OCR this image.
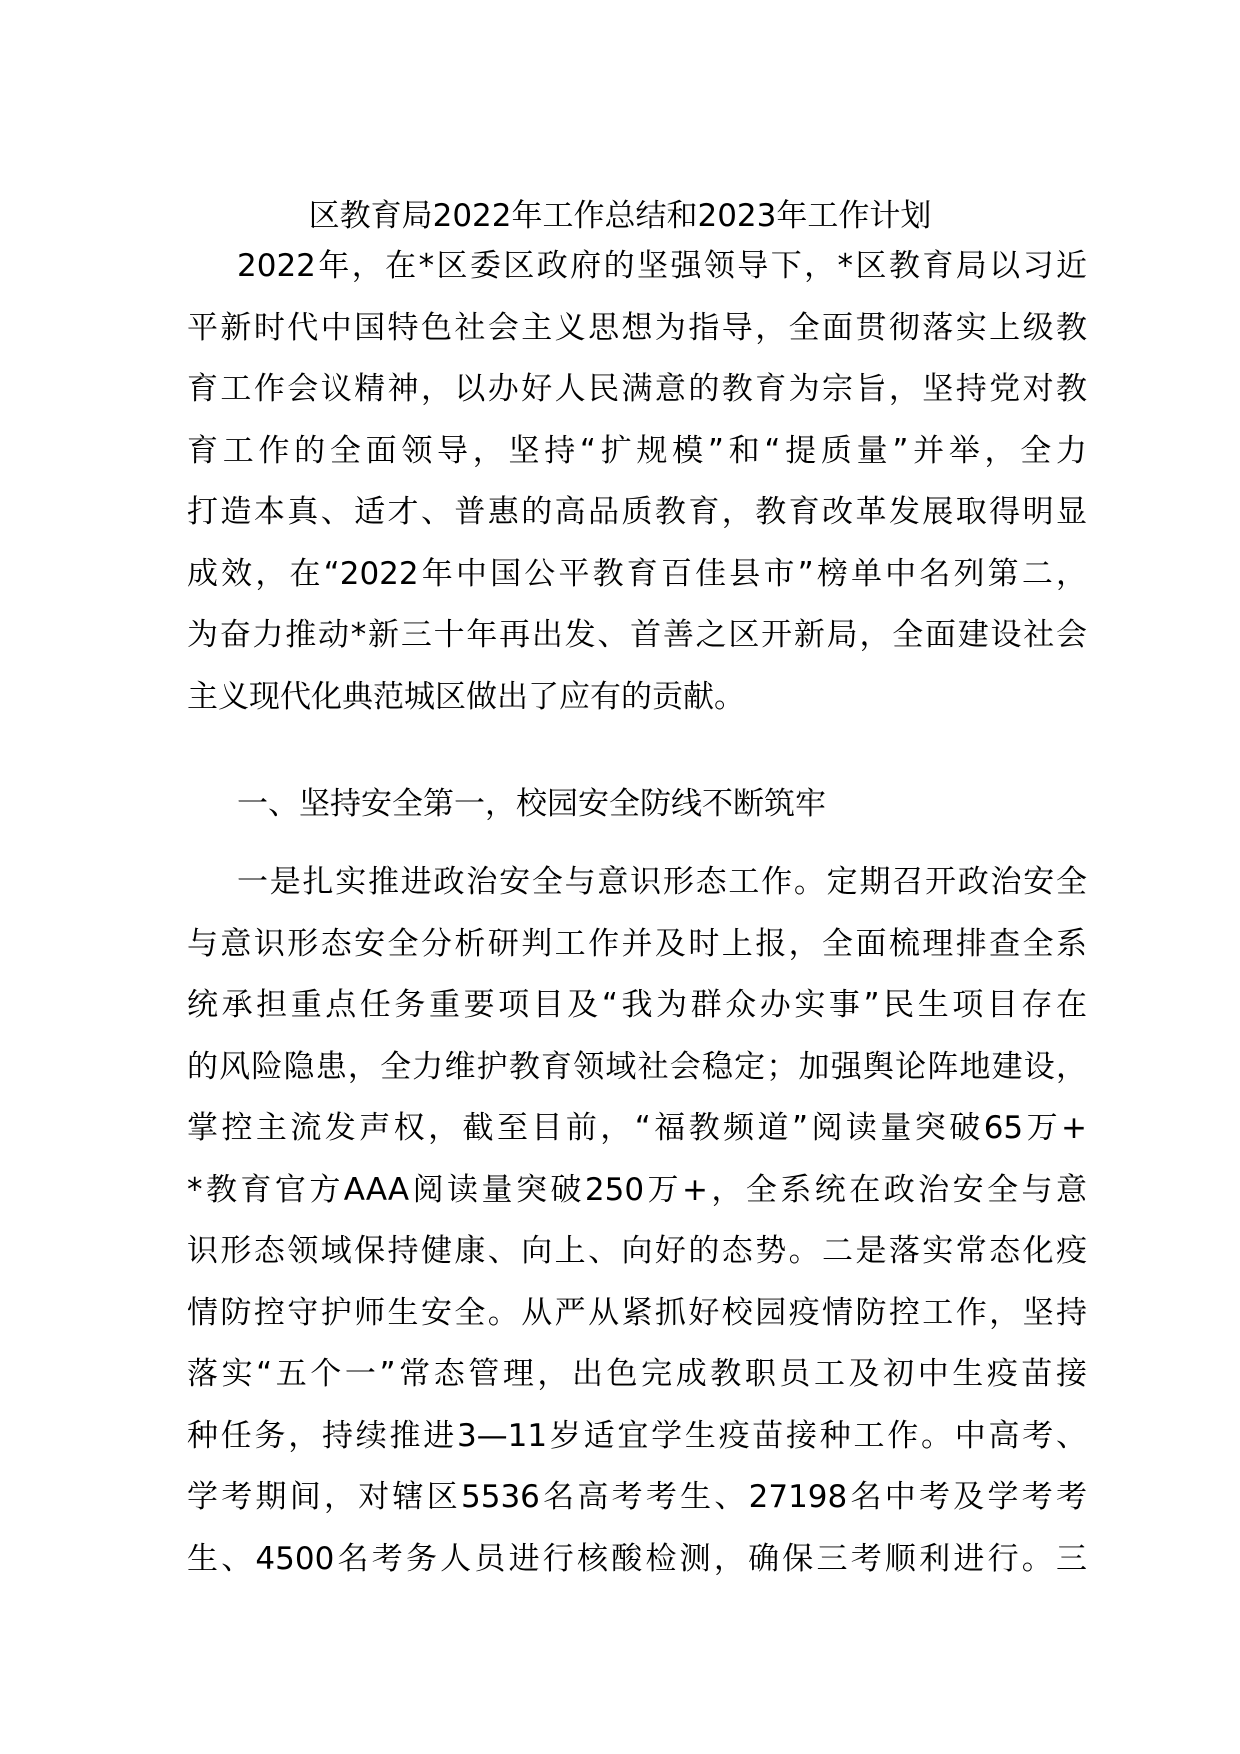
区教育局2022年工作总结和2023年工作计划
2022年，在*区委区政府的坚强领导下，*区教育局以习近
平新时代中国特色社会主义思想为指导，全面贯彻落实上级教
育工作会议精神，以办好人民满意的教育为宗旨，坚持党对教
育工作的全面领导，坚持“扩规模”和“提质量”并举，全力
打造本真、适才、普惠的高品质教育，教育改革发展取得明显
成效，在“2022年中国公平教育百佳县市”榜单中名列第二，
为奋力推动*新三十年再出发、首善之区开新局，全面建设社会
主义现代化典范城区做出了应有的贡献。
一、坚持安全第一，校园安全防线不断筑牢
一是扎实推进政治安全与意识形态工作。定期召开政治安全
与意识形态安全分析研判工作并及时上报，全面梳理排查全系
统承担重点任务重要项目及“我为群众办实事”民生项目存在
的风险隐患，全力维护教育领域社会稳定；加强舆论阵地建设，
掌控主流发声权，截至目前，“福教频道”阅读量突破65万+
*教育官方AAA阅读量突破250万+，全系统在政治安全与意
识形态领域保持健康、向上、向好的态势。二是落实常态化疫
情防控守护师生安全。从严从紧抓好校园疫情防控工作，坚持
落实“五个一”常态管理，出色完成教职员工及初中生疫苗接
种任务，持续推进3—11岁适宜学生疫苗接种工作。中高考、
学考期间，对辖区5536名高考考生、27198名中考及学考考
生、4500名考务人员进行核酸检测，确保三考顺利进行。三
